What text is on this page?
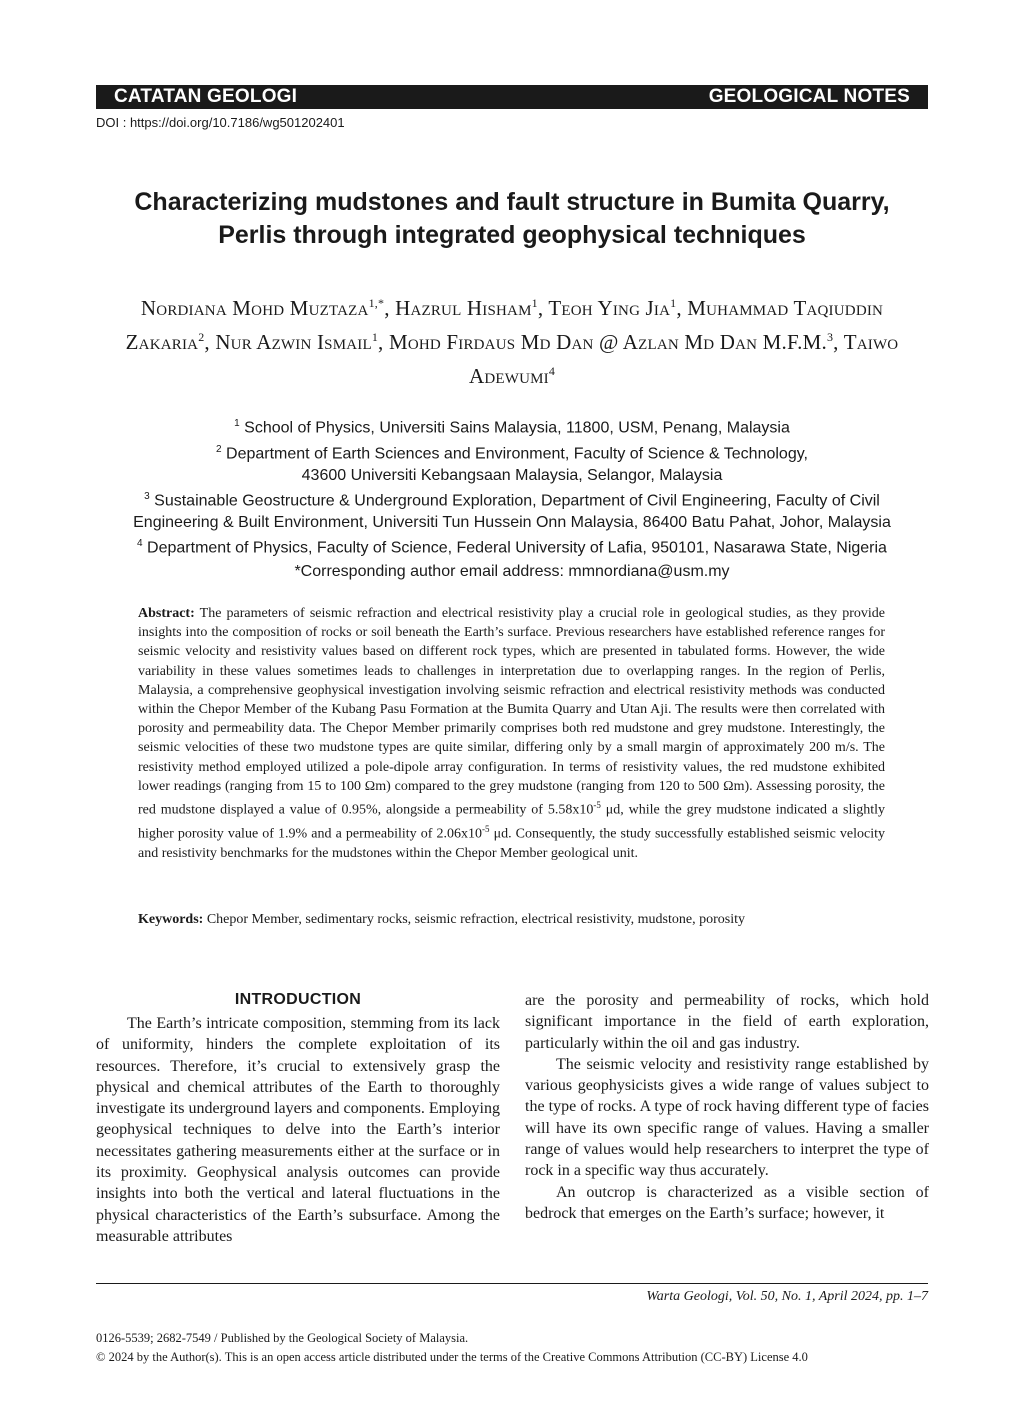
CATATAN GEOLOGI	GEOLOGICAL NOTES
DOI : https://doi.org/10.7186/wg501202401
Characterizing mudstones and fault structure in Bumita Quarry,
Perlis through integrated geophysical techniques
Nordiana Mohd Muztaza$^{1,*}$, Hazrul Hisham$^1$, Teoh Ying Jia$^1$, Muhammad Taqiuddin Zakaria$^2$, Nur Azwin Ismail$^1$, Mohd Firdaus Md Dan @ Azlan Md Dan M.F.M.$^3$, Taiwo Adewumi$^4$
$^1$ School of Physics, Universiti Sains Malaysia, 11800, USM, Penang, Malaysia
$^2$ Department of Earth Sciences and Environment, Faculty of Science & Technology,
43600 Universiti Kebangsaan Malaysia, Selangor, Malaysia
$^3$ Sustainable Geostructure & Underground Exploration, Department of Civil Engineering, Faculty of Civil
Engineering & Built Environment, Universiti Tun Hussein Onn Malaysia, 86400 Batu Pahat, Johor, Malaysia
$^4$ Department of Physics, Faculty of Science, Federal University of Lafia, 950101, Nasarawa State, Nigeria
*Corresponding author email address: mmnordiana@usm.my
Abstract: The parameters of seismic refraction and electrical resistivity play a crucial role in geological studies, as they provide insights into the composition of rocks or soil beneath the Earth’s surface. Previous researchers have established reference ranges for seismic velocity and resistivity values based on different rock types, which are presented in tabulated forms. However, the wide variability in these values sometimes leads to challenges in interpretation due to overlapping ranges. In the region of Perlis, Malaysia, a comprehensive geophysical investigation involving seismic refraction and electrical resistivity methods was conducted within the Chepor Member of the Kubang Pasu Formation at the Bumita Quarry and Utan Aji. The results were then correlated with porosity and permeability data. The Chepor Member primarily comprises both red mudstone and grey mudstone. Interestingly, the seismic velocities of these two mudstone types are quite similar, differing only by a small margin of approximately 200 m/s. The resistivity method employed utilized a pole-dipole array configuration. In terms of resistivity values, the red mudstone exhibited lower readings (ranging from 15 to 100 Ωm) compared to the grey mudstone (ranging from 120 to 500 Ωm). Assessing porosity, the red mudstone displayed a value of 0.95%, alongside a permeability of $5.58x10^{-5}$ μd, while the grey mudstone indicated a slightly higher porosity value of 1.9% and a permeability of $2.06x10^{-5}$ μd. Consequently, the study successfully established seismic velocity and resistivity benchmarks for the mudstones within the Chepor Member geological unit.
Keywords: Chepor Member, sedimentary rocks, seismic refraction, electrical resistivity, mudstone, porosity
INTRODUCTION

The Earth’s intricate composition, stemming from its lack of uniformity, hinders the complete exploitation of its resources. Therefore, it’s crucial to extensively grasp the physical and chemical attributes of the Earth to thoroughly investigate its underground layers and components. Employing geophysical techniques to delve into the Earth’s interior necessitates gathering measurements either at the surface or in its proximity. Geophysical analysis outcomes can provide insights into both the vertical and lateral fluctuations in the physical characteristics of the Earth’s subsurface. Among the measurable attributes

are the porosity and permeability of rocks, which hold significant importance in the field of earth exploration, particularly within the oil and gas industry.

The seismic velocity and resistivity range established by various geophysicists gives a wide range of values subject to the type of rocks. A type of rock having different type of facies will have its own specific range of values. Having a smaller range of values would help researchers to interpret the type of rock in a specific way thus accurately.

An outcrop is characterized as a visible section of bedrock that emerges on the Earth’s surface; however, it

Warta Geologi, Vol. 50, No. 1, April 2024, pp. 1–7
0126-5539; 2682-7549 / Published by the Geological Society of Malaysia.
© 2024 by the Author(s). This is an open access article distributed under the terms of the Creative Commons Attribution (CC-BY) License 4.0
